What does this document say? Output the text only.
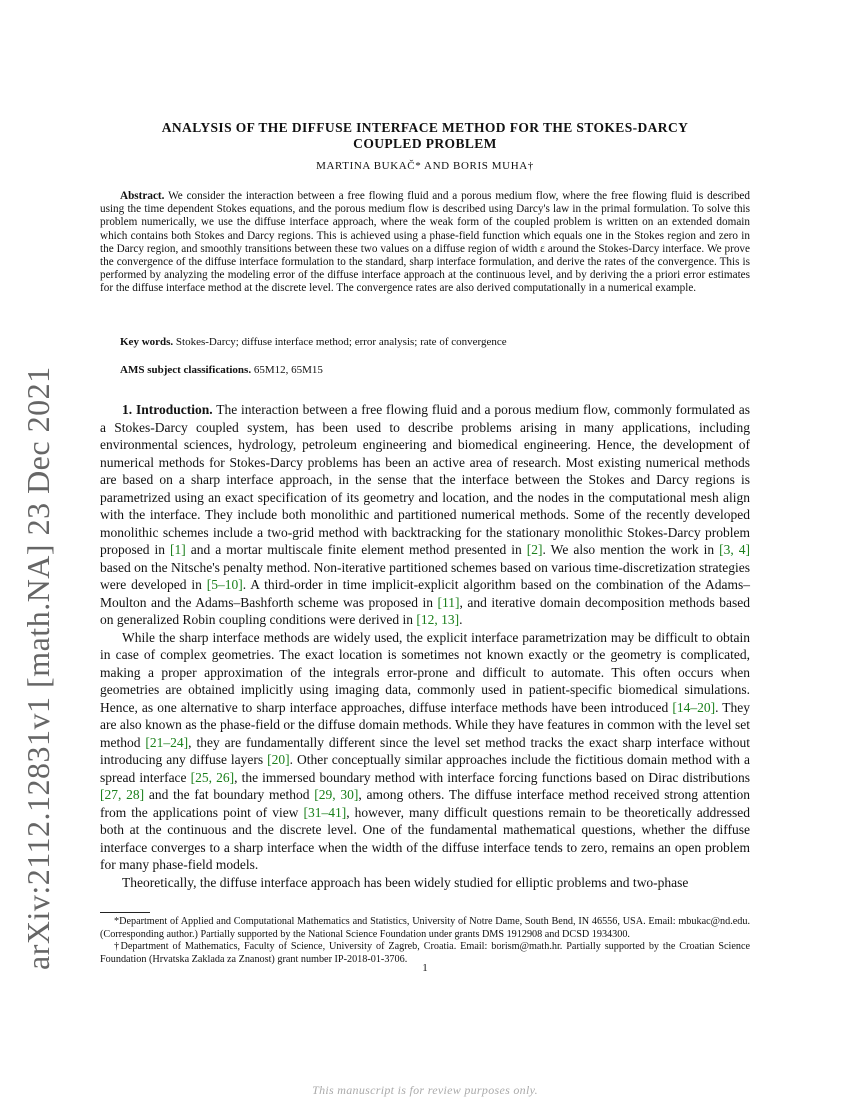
arXiv:2112.12831v1 [math.NA] 23 Dec 2021
ANALYSIS OF THE DIFFUSE INTERFACE METHOD FOR THE STOKES-DARCY
COUPLED PROBLEM
MARTINA BUKAČ* AND BORIS MUHA†
Abstract. We consider the interaction between a free flowing fluid and a porous medium flow, where the free flowing fluid is described using the time dependent Stokes equations, and the porous medium flow is described using Darcy's law in the primal formulation. To solve this problem numerically, we use the diffuse interface approach, where the weak form of the coupled problem is written on an extended domain which contains both Stokes and Darcy regions. This is achieved using a phase-field function which equals one in the Stokes region and zero in the Darcy region, and smoothly transitions between these two values on a diffuse region of width ε around the Stokes-Darcy interface. We prove the convergence of the diffuse interface formulation to the standard, sharp interface formulation, and derive the rates of the convergence. This is performed by analyzing the modeling error of the diffuse interface approach at the continuous level, and by deriving the a priori error estimates for the diffuse interface method at the discrete level. The convergence rates are also derived computationally in a numerical example.
Key words. Stokes-Darcy; diffuse interface method; error analysis; rate of convergence
AMS subject classifications. 65M12, 65M15

1. Introduction. The interaction between a free flowing fluid and a porous medium flow, commonly formulated as a Stokes-Darcy coupled system, has been used to describe problems arising in many applications, including environmental sciences, hydrology, petroleum engineering and biomedical engineering. Hence, the development of numerical methods for Stokes-Darcy problems has been an active area of research. Most existing numerical methods are based on a sharp interface approach, in the sense that the interface between the Stokes and Darcy regions is parametrized using an exact specification of its geometry and location, and the nodes in the computational mesh align with the interface. They include both monolithic and partitioned numerical methods. Some of the recently developed monolithic schemes include a two-grid method with backtracking for the stationary monolithic Stokes-Darcy problem proposed in [1] and a mortar multiscale finite element method presented in [2]. We also mention the work in [3, 4] based on the Nitsche's penalty method. Non-iterative partitioned schemes based on various time-discretization strategies were developed in [5–10]. A third-order in time implicit-explicit algorithm based on the combination of the Adams–Moulton and the Adams–Bashforth scheme was proposed in [11], and iterative domain decomposition methods based on generalized Robin coupling conditions were derived in [12, 13].

While the sharp interface methods are widely used, the explicit interface parametrization may be difficult to obtain in case of complex geometries. The exact location is sometimes not known exactly or the geometry is complicated, making a proper approximation of the integrals error-prone and difficult to automate. This often occurs when geometries are obtained implicitly using imaging data, commonly used in patient-specific biomedical simulations. Hence, as one alternative to sharp interface approaches, diffuse interface methods have been introduced [14–20]. They are also known as the phase-field or the diffuse domain methods. While they have features in common with the level set method [21–24], they are fundamentally different since the level set method tracks the exact sharp interface without introducing any diffuse layers [20]. Other conceptually similar approaches include the fictitious domain method with a spread interface [25, 26], the immersed boundary method with interface forcing functions based on Dirac distributions [27, 28] and the fat boundary method [29, 30], among others. The diffuse interface method received strong attention from the applications point of view [31–41], however, many difficult questions remain to be theoretically addressed both at the continuous and the discrete level. One of the fundamental mathematical questions, whether the diffuse interface converges to a sharp interface when the width of the diffuse interface tends to zero, remains an open problem for many phase-field models.

Theoretically, the diffuse interface approach has been widely studied for elliptic problems and two-phase

*Department of Applied and Computational Mathematics and Statistics, University of Notre Dame, South Bend, IN 46556, USA. Email: mbukac@nd.edu. (Corresponding author.) Partially supported by the National Science Foundation under grants DMS 1912908 and DCSD 1934300.

†Department of Mathematics, Faculty of Science, University of Zagreb, Croatia. Email: borism@math.hr. Partially supported by the Croatian Science Foundation (Hrvatska Zaklada za Znanost) grant number IP-2018-01-3706.

1
This manuscript is for review purposes only.
